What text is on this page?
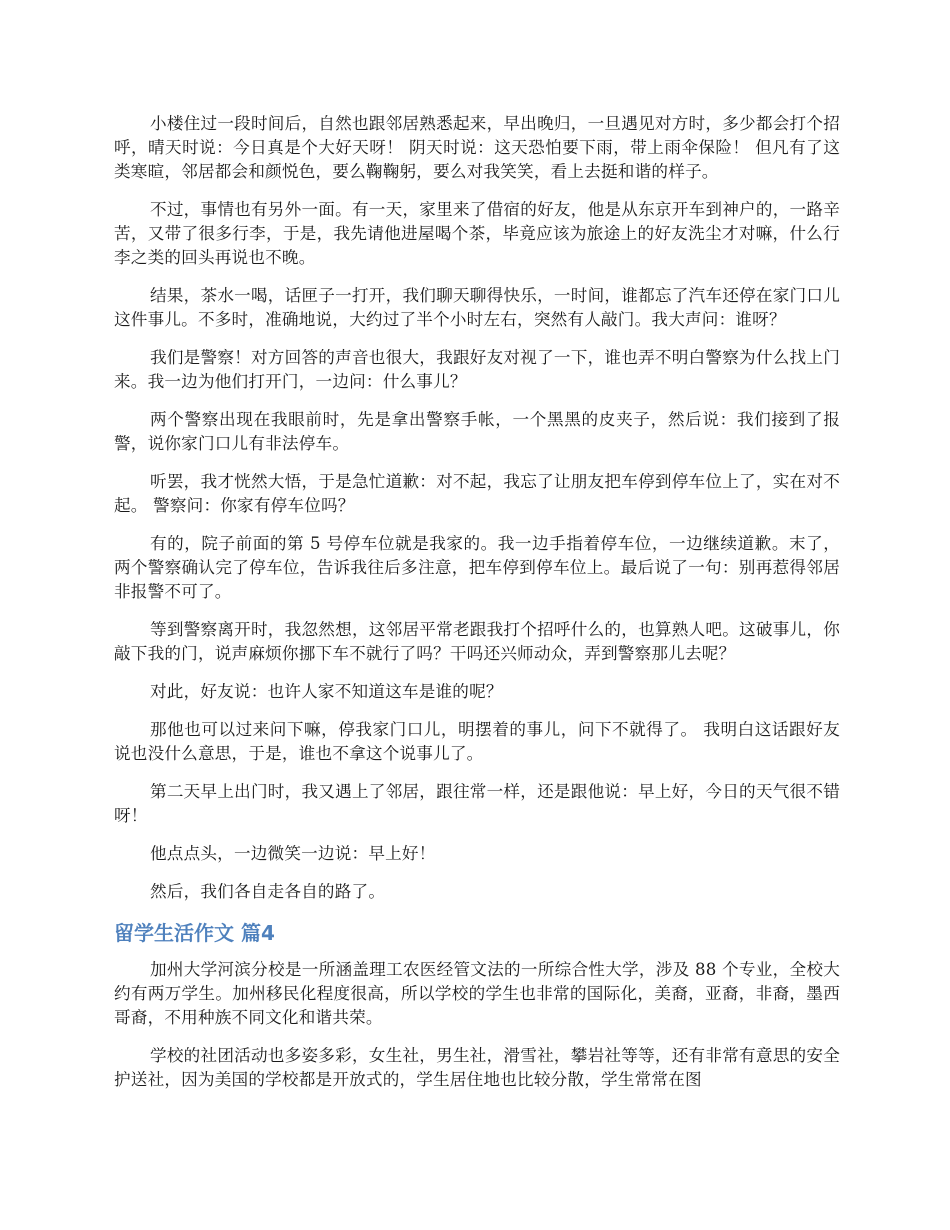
小楼住过一段时间后，自然也跟邻居熟悉起来，早出晚归，一旦遇见对方时，多少都会打个招呼，晴天时说：今日真是个大好天呀！ 阴天时说：这天恐怕要下雨，带上雨伞保险！ 但凡有了这类寒暄，邻居都会和颜悦色，要么鞠鞠躬，要么对我笑笑，看上去挺和谐的样子。

不过，事情也有另外一面。有一天，家里来了借宿的好友，他是从东京开车到神户的，一路辛苦，又带了很多行李，于是，我先请他进屋喝个茶，毕竟应该为旅途上的好友洗尘才对嘛，什么行李之类的回头再说也不晚。

结果，茶水一喝，话匣子一打开，我们聊天聊得快乐，一时间，谁都忘了汽车还停在家门口儿这件事儿。不多时，准确地说，大约过了半个小时左右，突然有人敲门。我大声问：谁呀？

我们是警察！对方回答的声音也很大，我跟好友对视了一下，谁也弄不明白警察为什么找上门来。我一边为他们打开门，一边问：什么事儿？

两个警察出现在我眼前时，先是拿出警察手帐，一个黑黑的皮夹子，然后说：我们接到了报警，说你家门口儿有非法停车。

听罢，我才恍然大悟，于是急忙道歉：对不起，我忘了让朋友把车停到停车位上了，实在对不起。 警察问：你家有停车位吗？

有的，院子前面的第 5 号停车位就是我家的。我一边手指着停车位，一边继续道歉。末了，两个警察确认完了停车位，告诉我往后多注意，把车停到停车位上。最后说了一句：别再惹得邻居非报警不可了。

等到警察离开时，我忽然想，这邻居平常老跟我打个招呼什么的，也算熟人吧。这破事儿，你敲下我的门，说声麻烦你挪下车不就行了吗？干吗还兴师动众，弄到警察那儿去呢？

对此，好友说：也许人家不知道这车是谁的呢？

那他也可以过来问下嘛，停我家门口儿，明摆着的事儿，问下不就得了。 我明白这话跟好友说也没什么意思，于是，谁也不拿这个说事儿了。

第二天早上出门时，我又遇上了邻居，跟往常一样，还是跟他说：早上好，今日的天气很不错呀！

他点点头，一边微笑一边说：早上好！

然后，我们各自走各自的路了。

留学生活作文 篇4

加州大学河滨分校是一所涵盖理工农医经管文法的一所综合性大学，涉及 88 个专业，全校大约有两万学生。加州移民化程度很高，所以学校的学生也非常的国际化，美裔，亚裔，非裔，墨西哥裔，不用种族不同文化和谐共荣。

学校的社团活动也多姿多彩，女生社，男生社，滑雪社，攀岩社等等，还有非常有意思的安全护送社，因为美国的学校都是开放式的，学生居住地也比较分散，学生常常在图
